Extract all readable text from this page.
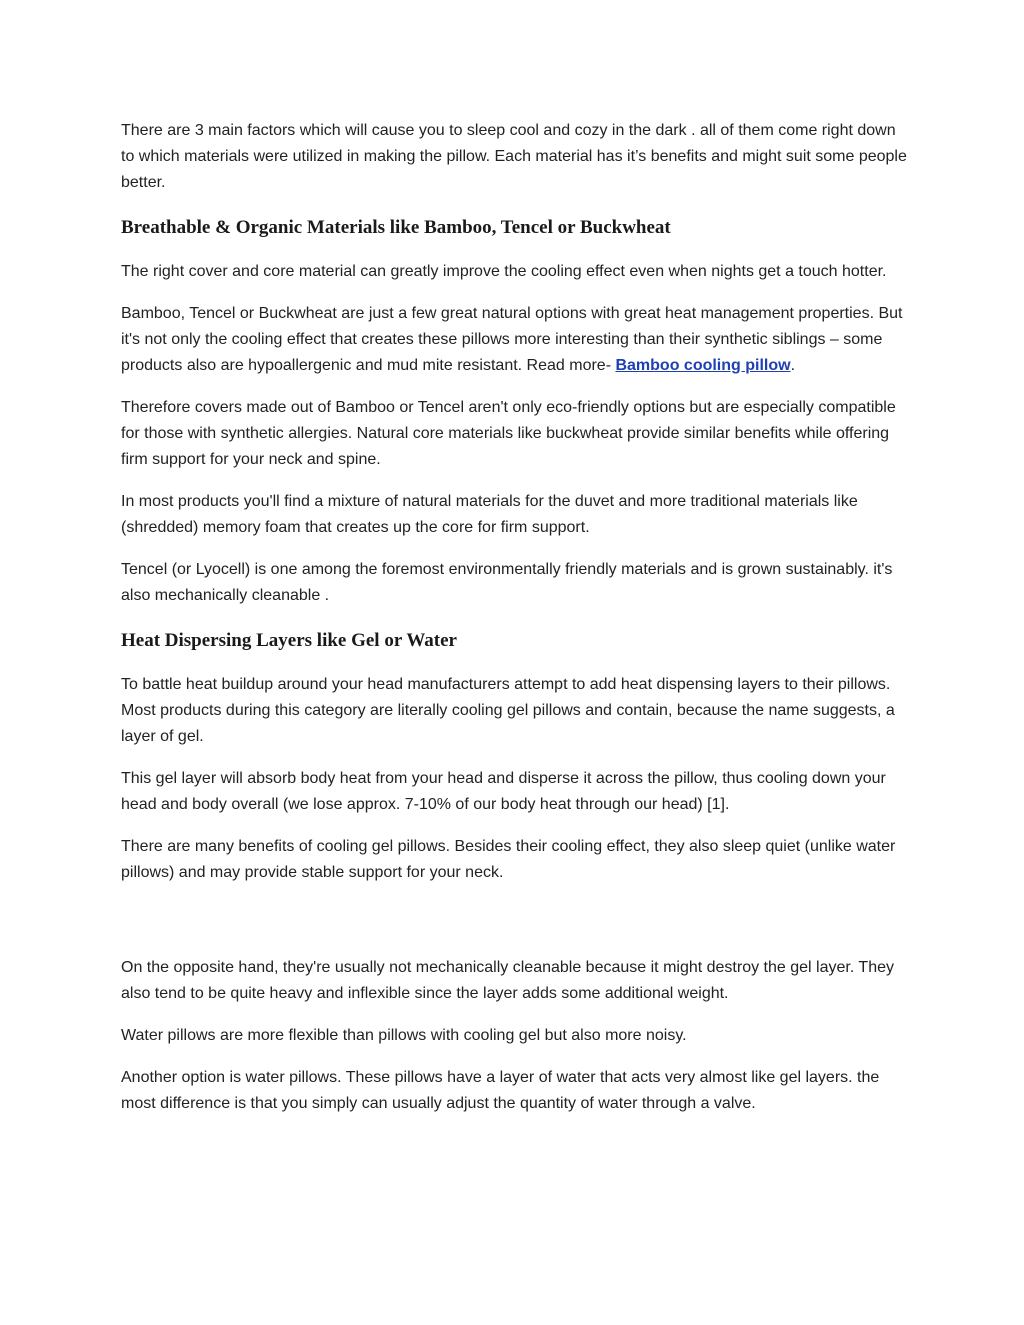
There are 3 main factors which will cause you to sleep cool and cozy in the dark . all of them come right down to which materials were utilized in making the pillow. Each material has it’s benefits and might suit some people better.

Breathable & Organic Materials like Bamboo, Tencel or Buckwheat

The right cover and core material can greatly improve the cooling effect even when nights get a touch hotter.

Bamboo, Tencel or Buckwheat are just a few great natural options with great heat management properties. But it's not only the cooling effect that creates these pillows more interesting than their synthetic siblings – some products also are hypoallergenic and mud mite resistant. Read more- Bamboo cooling pillow.

Therefore covers made out of Bamboo or Tencel aren't only eco-friendly options but are especially compatible for those with synthetic allergies. Natural core materials like buckwheat provide similar benefits while offering firm support for your neck and spine.

In most products you'll find a mixture of natural materials for the duvet and more traditional materials like (shredded) memory foam that creates up the core for firm support.

Tencel (or Lyocell) is one among the foremost environmentally friendly materials and is grown sustainably. it's also mechanically cleanable .

Heat Dispersing Layers like Gel or Water

To battle heat buildup around your head manufacturers attempt to add heat dispensing layers to their pillows. Most products during this category are literally cooling gel pillows and contain, because the name suggests, a layer of gel.

This gel layer will absorb body heat from your head and disperse it across the pillow, thus cooling down your head and body overall (we lose approx. 7-10% of our body heat through our head) [1].

There are many benefits of cooling gel pillows. Besides their cooling effect, they also sleep quiet (unlike water pillows) and may provide stable support for your neck.

On the opposite hand, they're usually not mechanically cleanable because it might destroy the gel layer. They also tend to be quite heavy and inflexible since the layer adds some additional weight.

Water pillows are more flexible than pillows with cooling gel but also more noisy.

Another option is water pillows. These pillows have a layer of water that acts very almost like gel layers. the most difference is that you simply can usually adjust the quantity of water through a valve.
